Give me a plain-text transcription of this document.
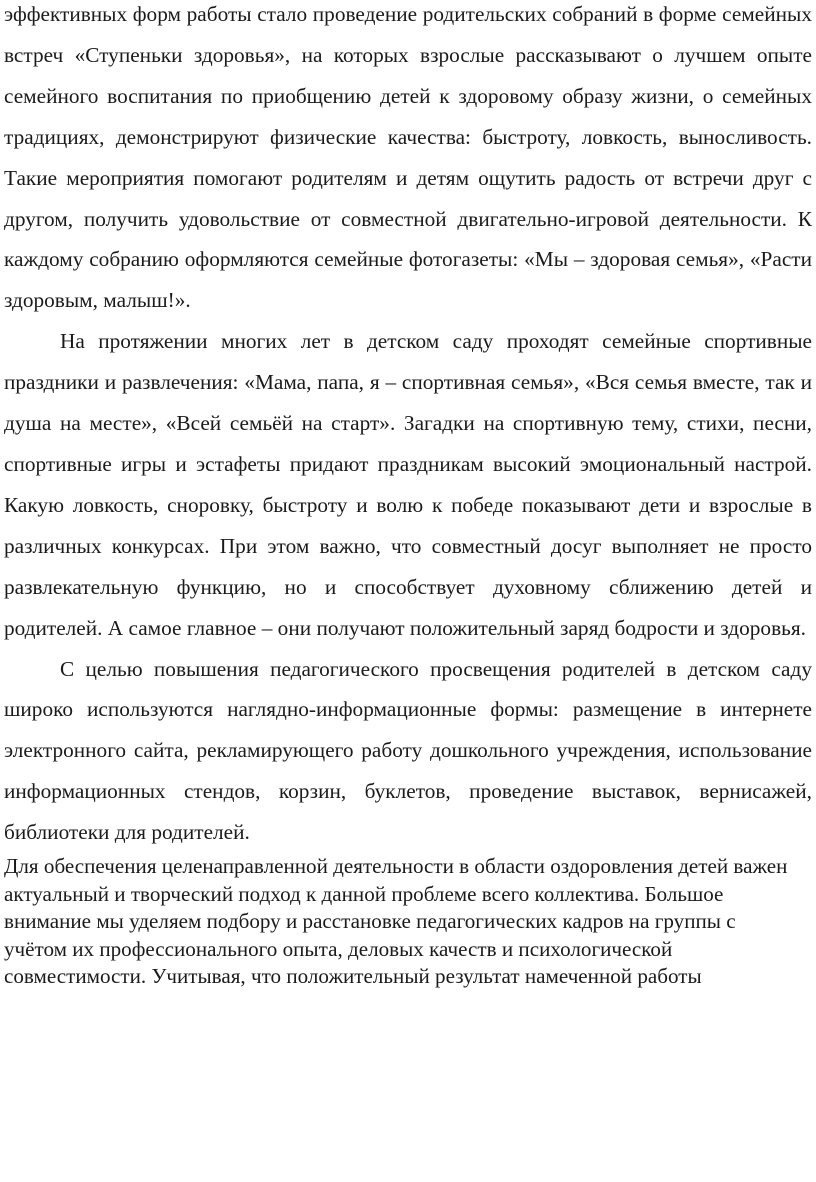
эффективных форм работы стало проведение родительских собраний в форме семейных встреч «Ступеньки здоровья», на которых взрослые рассказывают о лучшем опыте семейного воспитания по приобщению детей к здоровому образу жизни, о семейных традициях, демонстрируют физические качества: быстроту, ловкость, выносливость. Такие мероприятия помогают родителям и детям ощутить радость от встречи друг с другом, получить удовольствие от совместной двигательно-игровой деятельности. К каждому собранию оформляются семейные фотогазеты: «Мы – здоровая семья», «Расти здоровым, малыш!».

На протяжении многих лет в детском саду проходят семейные спортивные праздники и развлечения: «Мама, папа, я – спортивная семья», «Вся семья вместе, так и душа на месте», «Всей семьёй на старт». Загадки на спортивную тему, стихи, песни, спортивные игры и эстафеты придают праздникам высокий эмоциональный настрой. Какую ловкость, сноровку, быстроту и волю к победе показывают дети и взрослые в различных конкурсах. При этом важно, что совместный досуг выполняет не просто развлекательную функцию, но и способствует духовному сближению детей и родителей. А самое главное – они получают положительный заряд бодрости и здоровья.

С целью повышения педагогического просвещения родителей в детском саду широко используются наглядно-информационные формы: размещение в интернете электронного сайта, рекламирующего работу дошкольного учреждения, использование информационных стендов, корзин, буклетов, проведение выставок, вернисажей, библиотеки для родителей.

Для обеспечения целенаправленной деятельности в области оздоровления детей важен актуальный и творческий подход к данной проблеме всего коллектива. Большое внимание мы уделяем подбору и расстановке педагогических кадров на группы с учётом их профессионального опыта, деловых качеств и психологической совместимости. Учитывая, что положительный результат намеченной работы
